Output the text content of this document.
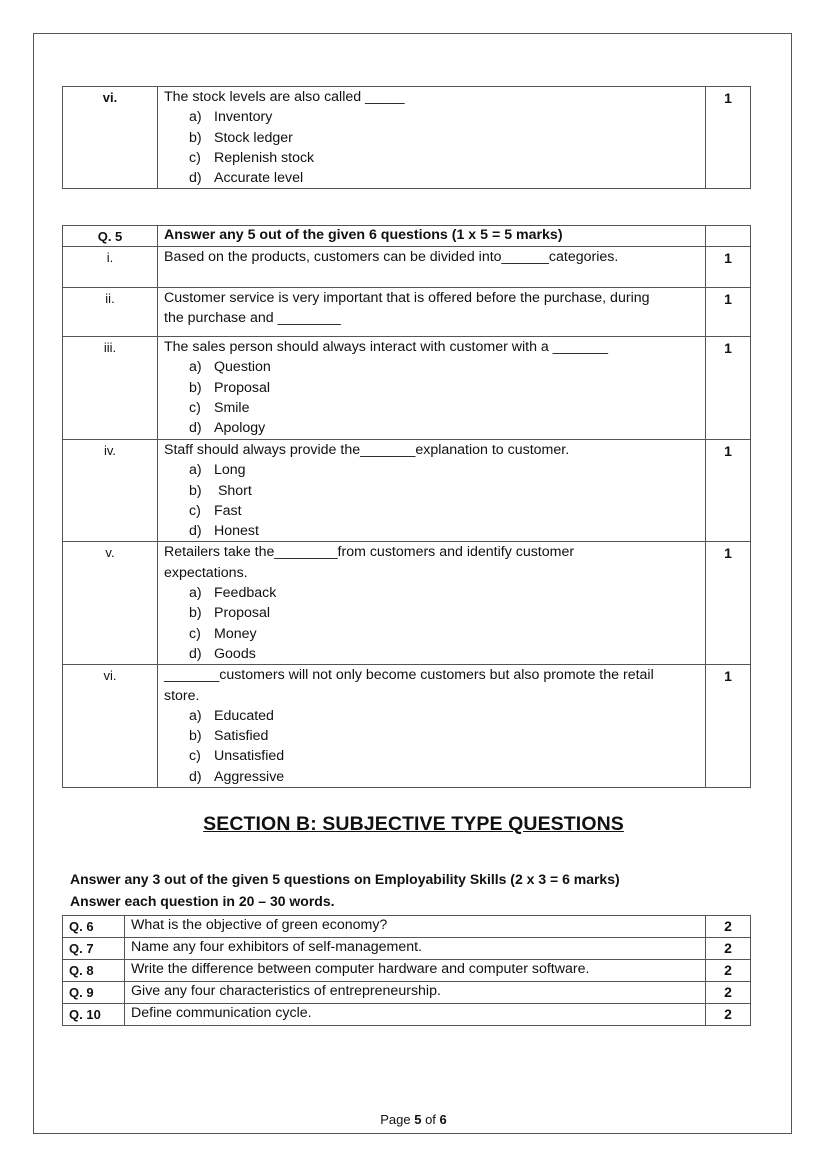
vi.	The stock levels are also called _____
a) Inventory
b) Stock ledger
c) Replenish stock
d) Accurate level
	1
Q. 5	Answer any 5 out of the given 6 questions (1 x 5 = 5 marks)	
i.	Based on the products, customers can be divided into______categories.	1
ii.	Customer service is very important that is offered before the purchase, during
the purchase and ________	1
iii.	The sales person should always interact with customer with a _______
a) Question
b) Proposal
c) Smile
d) Apology
	1
iv.	Staff should always provide the_______explanation to customer.
a) Long
b) Short
c) Fast
d) Honest
	1
v.	Retailers take the________from customers and identify customer
expectations.
a) Feedback
b) Proposal
c) Money
d) Goods
	1
vi.	_______customers will not only become customers but also promote the retail
store.
a) Educated
b) Satisfied
c) Unsatisfied
d) Aggressive
	1
SECTION B: SUBJECTIVE TYPE QUESTIONS
Answer any 3 out of the given 5 questions on Employability Skills (2 x 3 = 6 marks)
Answer each question in 20 – 30 words.
Q. 6	What is the objective of green economy?	2
Q. 7	Name any four exhibitors of self-management.	2
Q. 8	Write the difference between computer hardware and computer software.	2
Q. 9	Give any four characteristics of entrepreneurship.	2
Q. 10	Define communication cycle.	2
Page 5 of 6
